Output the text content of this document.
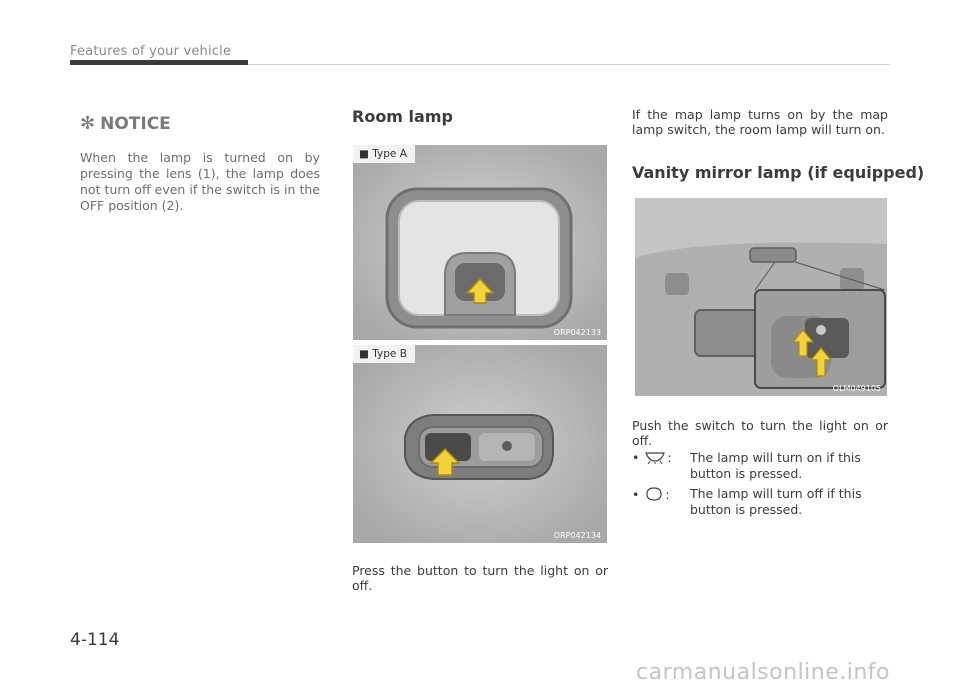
Features of your vehicle
✻ NOTICE
When the lamp is turned on by pressing the lens (1), the lamp does not turn off even if the switch is in the OFF position (2).
Room lamp
■ Type A
ORP042133
■ Type B
ORP042134
Press the button to turn the light on or off.
If the map lamp turns on by the map lamp switch, the room lamp will turn on.
Vanity mirror lamp (if equipped)
OLM049105
Push the switch to turn the light on or off.
• : The lamp will turn on if this button is pressed.
• : The lamp will turn off if this button is pressed.
4-114
carmanualsonline.info
